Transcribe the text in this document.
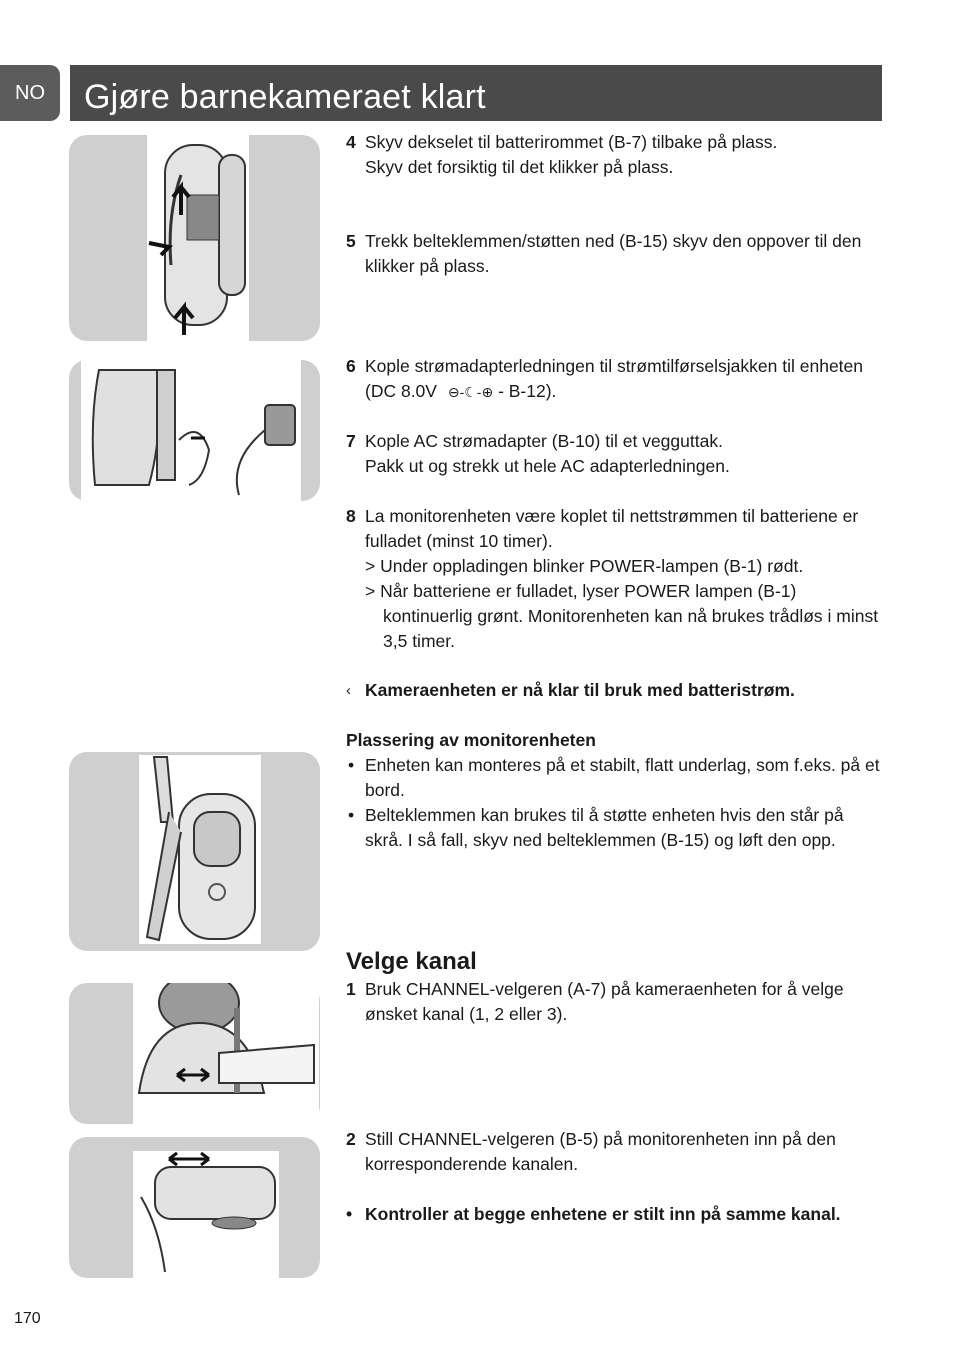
NO	Gjøre barnekameraet klart
4 Skyv dekselet til batterirommet (B-7) tilbake på plass.
Skyv det forsiktig til det klikker på plass.
5 Trekk belteklemmen/støtten ned (B-15) skyv den oppover til den klikker på plass.
6 Kople strømadapterledningen til strømtilførselsjakken til enheten (DC 8.0V ⊖-☾-⊕ - B-12).
7 Kople AC strømadapter (B-10) til et vegguttak.
Pakk ut og strekk ut hele AC adapterledningen.
8 La monitorenheten være koplet til nettstrømmen til batteriene er fulladet (minst 10 timer).
> Under oppladingen blinker POWER-lampen (B-1) rødt.
> Når batteriene er fulladet, lyser POWER lampen (B-1) kontinuerlig grønt. Monitorenheten kan nå brukes trådløs i minst 3,5 timer.
‹ Kameraenheten er nå klar til bruk med batteristrøm.
Plassering av monitorenheten
• Enheten kan monteres på et stabilt, flatt underlag, som f.eks. på et bord.
• Belteklemmen kan brukes til å støtte enheten hvis den står på skrå. I så fall, skyv ned belteklemmen (B-15) og løft den opp.
Velge kanal
1 Bruk CHANNEL-velgeren (A-7) på kameraenheten for å velge ønsket kanal (1, 2 eller 3).
2 Still CHANNEL-velgeren (B-5) på monitorenheten inn på den korresponderende kanalen.
• Kontroller at begge enhetene er stilt inn på samme kanal.
170
